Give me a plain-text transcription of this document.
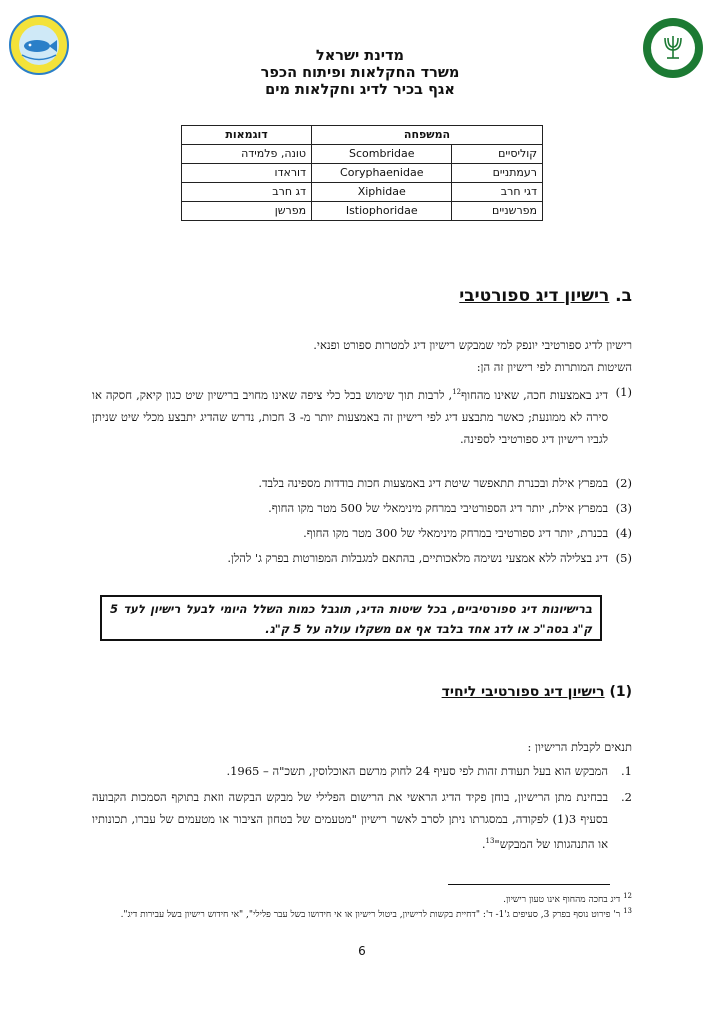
מדינת ישראל
משרד החקלאות ופיתוח הכפר
אגף בכיר לדיג וחקלאות מים
המשפחה		דוגמאות
קוליסיים	Scombridae	טונה, פלמידה
רעמתניים	Coryphaenidae	דוראדו
דגי חרב	Xiphidae	דג חרב
מפרשניים	Istiophoridae	מפרשן
ב. רישיון דיג ספורטיבי
רישיון לדיג ספורטיבי יונפק למי שמבקש רישיון דיג למטרות ספורט ופנאי.
השיטות המותרות לפי רישיון זה הן:
(1)
דיג באמצעות חכה, שאינו מהחוף$^{12}$, לרבות תוך שימוש בכל כלי ציפה שאינו מחויב ברישיון שיט כגון קיאק, חסקה או סירה לא ממונעת; כאשר מתבצע דיג לפי רישיון זה באמצעות יותר מ- 3 חכות, נדרש שהדיג יתבצע מכלי שיט שניתן לגביו רישיון דיג ספורטיבי לספינה.
(2)
במפרץ אילת ובכנרת תתאפשר שיטת דיג באמצעות חכות בודדות מספינה בלבד.
(3)
במפרץ אילת, יותר דיג הספורטיבי במרחק מינימאלי של 500 מטר מקו החוף.
(4)
בכנרת, יותר דיג ספורטיבי במרחק מינימאלי של 300 מטר מקו החוף.
(5)
דיג בצלילה ללא אמצעי נשימה מלאכותיים, בהתאם למגבלות המפורטות בפרק ג' להלן.
ברישיונות דיג ספורטיביים, בכל שיטות הדיג, תוגבל כמות השלל היומי לבעל רישיון לעד 5 ק"ג בסה"כ או לדג אחד בלבד אף אם משקלו עולה על 5 ק"ג.
(1) רישיון דיג ספורטיבי ליחיד
תנאים לקבלת הרישיון :
1.
המבקש הוא בעל תעודת זהות לפי סעיף 24 לחוק מרשם האוכלוסין, תשכ"ה – 1965.
2.
בבחינת מתן הרישיון, בוחן פקיד הדיג הראשי את הרישום הפלילי של מבקש הבקשה וזאת בתוקף הסמכות הקבועה בסעיף 3(1) לפקודה, במסגרתו ניתן לסרב לאשר רישיון "מטעמים של בטחון הציבור או מטעמים של עברו, תכונותיו או התנהגותו של המבקש"$^{13}$.
$^{12}$ דיג בחכה מהחוף אינו טעון רישיון.
$^{13}$ ר' פירוט נוסף בפרק 3, סעיפים ג'1- ד': "דחיית בקשות לרישיון, ביטול רישיון או אי חידושו בשל עבר פלילי", "אי חידוש רישיון בשל עבירות דיג".
6
